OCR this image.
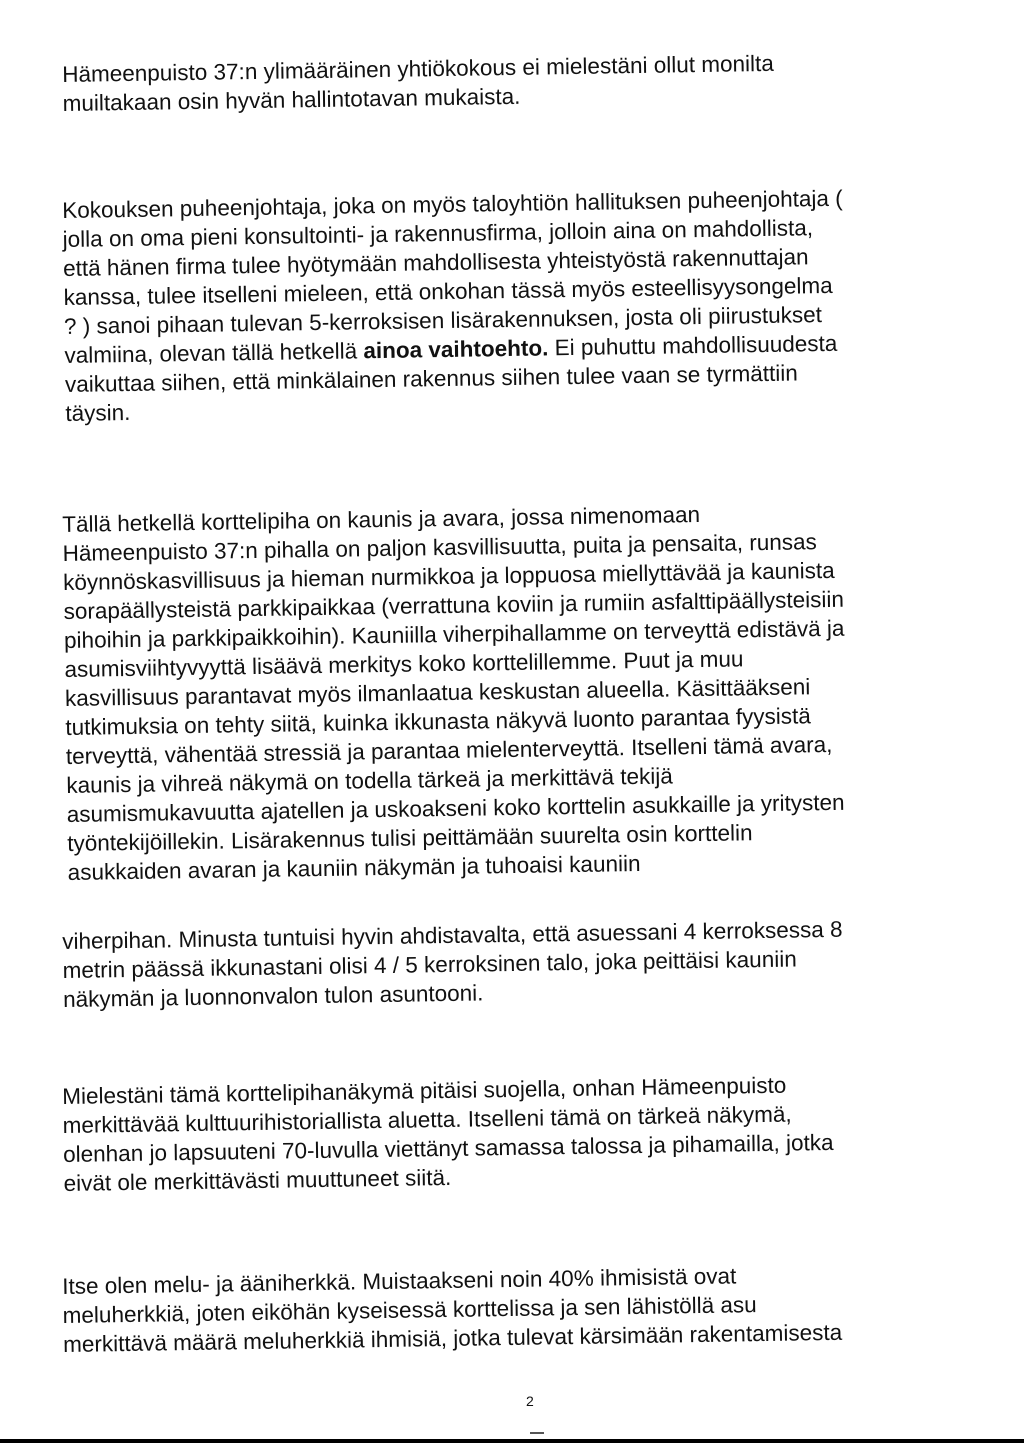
Hämeenpuisto 37:n ylimääräinen yhtiökokous ei mielestäni ollut monilta
muiltakaan osin hyvän hallintotavan mukaista.
Kokouksen puheenjohtaja, joka on myös taloyhtiön hallituksen puheenjohtaja (
jolla on oma pieni konsultointi- ja rakennusfirma, jolloin aina on mahdollista,
että hänen firma tulee hyötymään mahdollisesta yhteistyöstä rakennuttajan
kanssa, tulee itselleni mieleen, että onkohan tässä myös esteellisyysongelma
? ) sanoi pihaan tulevan 5-kerroksisen lisärakennuksen, josta oli piirustukset
valmiina, olevan tällä hetkellä ainoa vaihtoehto. Ei puhuttu mahdollisuudesta
vaikuttaa siihen, että minkälainen rakennus siihen tulee vaan se tyrmättiin
täysin.
Tällä hetkellä korttelipiha on kaunis ja avara, jossa nimenomaan
Hämeenpuisto 37:n pihalla on paljon kasvillisuutta, puita ja pensaita, runsas
köynnöskasvillisuus ja hieman nurmikkoa ja loppuosa miellyttävää ja kaunista
sorapäällysteistä parkkipaikkaa (verrattuna koviin ja rumiin asfalttipäällysteisiin
pihoihin ja parkkipaikkoihin). Kauniilla viherpihallamme on terveyttä edistävä ja
asumisviihtyvyyttä lisäävä merkitys koko korttelillemme. Puut ja muu
kasvillisuus parantavat myös ilmanlaatua keskustan alueella. Käsittääkseni
tutkimuksia on tehty siitä, kuinka ikkunasta näkyvä luonto parantaa fyysistä
terveyttä, vähentää stressiä ja parantaa mielenterveyttä. Itselleni tämä avara,
kaunis ja vihreä näkymä on todella tärkeä ja merkittävä tekijä
asumismukavuutta ajatellen ja uskoakseni koko korttelin asukkaille ja yritysten
työntekijöillekin. Lisärakennus tulisi peittämään suurelta osin korttelin
asukkaiden avaran ja kauniin näkymän ja tuhoaisi kauniin
viherpihan. Minusta tuntuisi hyvin ahdistavalta, että asuessani 4 kerroksessa 8
metrin päässä ikkunastani olisi 4 / 5 kerroksinen talo, joka peittäisi kauniin
näkymän ja luonnonvalon tulon asuntooni.
Mielestäni tämä korttelipihanäkymä pitäisi suojella, onhan Hämeenpuisto
merkittävää kulttuurihistoriallista aluetta. Itselleni tämä on tärkeä näkymä,
olenhan jo lapsuuteni 70-luvulla viettänyt samassa talossa ja pihamailla, jotka
eivät ole merkittävästi muuttuneet siitä.
Itse olen melu- ja ääniherkkä. Muistaakseni noin 40% ihmisistä ovat
meluherkkiä, joten eiköhän kyseisessä korttelissa ja sen lähistöllä asu
merkittävä määrä meluherkkiä ihmisiä, jotka tulevat kärsimään rakentamisesta
2
